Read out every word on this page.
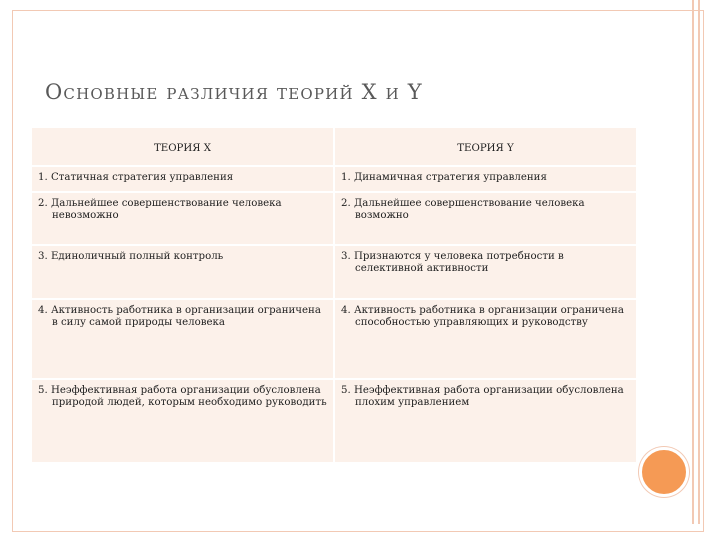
Основные различия теорий X и Y
ТЕОРИЯ X	ТЕОРИЯ Y

1. Статичная стратегия управления	1. Динамичная стратегия управления

2. Дальнейшее совершенствование человека невозможно	2. Дальнейшее совершенствование человека возможно

3. Единоличный полный контроль	3. Признаются у человека потребности в селективной активности

4. Активность работника в организации ограничена в силу самой природы человека	4. Активность работника в организации ограничена способностью управляющих и руководству

5. Неэффективная работа организации обусловлена природой людей, которым необходимо руководить	5. Неэффективная работа организации обусловлена плохим управлением
